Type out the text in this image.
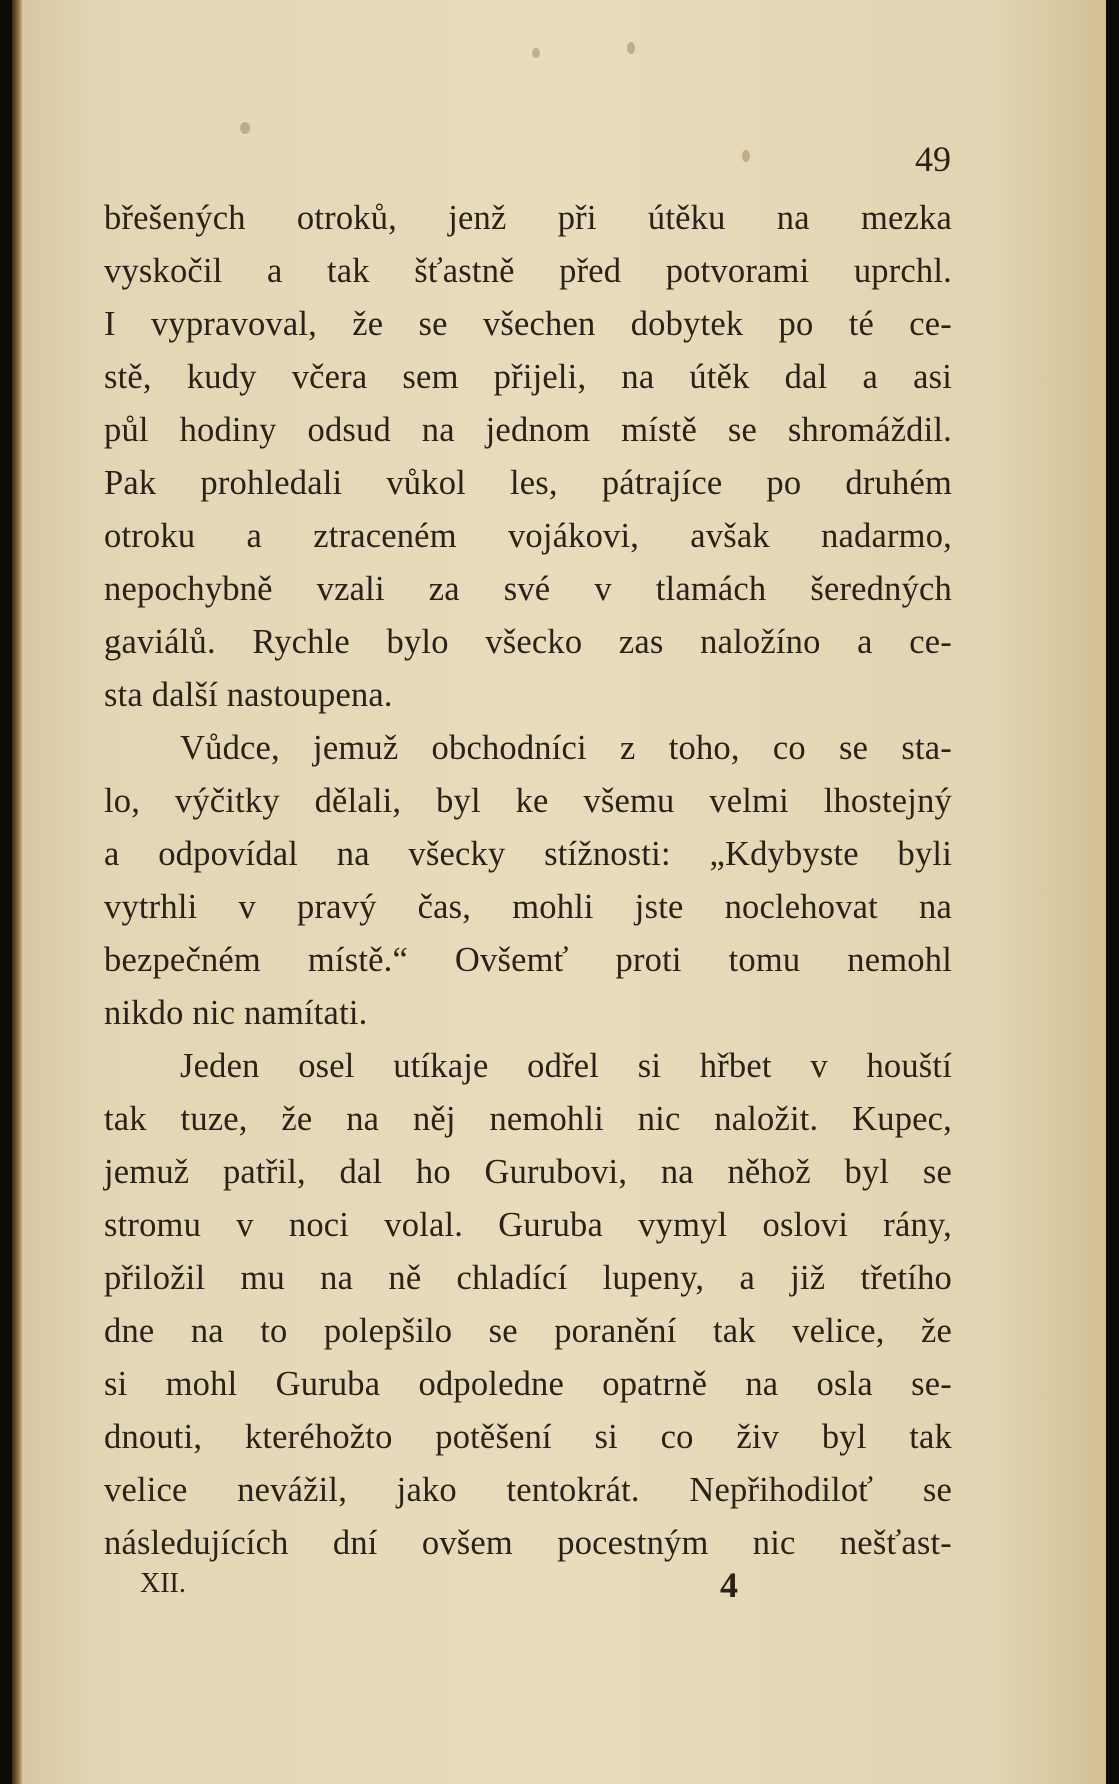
49

břešených otroků, jenž při útěku na mezka
vyskočil a tak šťastně před potvorami uprchl.
I vypravoval, že se všechen dobytek po té ce-
stě, kudy včera sem přijeli, na útěk dal a asi
půl hodiny odsud na jednom místě se shromáždil.
Pak prohledali vůkol les, pátrajíce po druhém
otroku a ztraceném vojákovi, avšak nadarmo,
nepochybně vzali za své v tlamách šeredných
gaviálů. Rychle bylo všecko zas naložíno a ce-
sta další nastoupena.
Vůdce, jemuž obchodníci z toho, co se sta-
lo, výčitky dělali, byl ke všemu velmi lhostejný
a odpovídal na všecky stížnosti: „Kdybyste byli
vytrhli v pravý čas, mohli jste noclehovat na
bezpečném místě.“ Ovšemť proti tomu nemohl
nikdo nic namítati.
Jeden osel utíkaje odřel si hřbet v houští
tak tuze, že na něj nemohli nic naložit. Kupec,
jemuž patřil, dal ho Gurubovi, na něhož byl se
stromu v noci volal. Guruba vymyl oslovi rány,
přiložil mu na ně chladící lupeny, a již třetího
dne na to polepšilo se poranění tak velice, že
si mohl Guruba odpoledne opatrně na osla se-
dnouti, kteréhožto potěšení si co živ byl tak
velice nevážil, jako tentokrát. Nepřihodiloť se
následujících dní ovšem pocestným nic nešťast-
XII.	4
